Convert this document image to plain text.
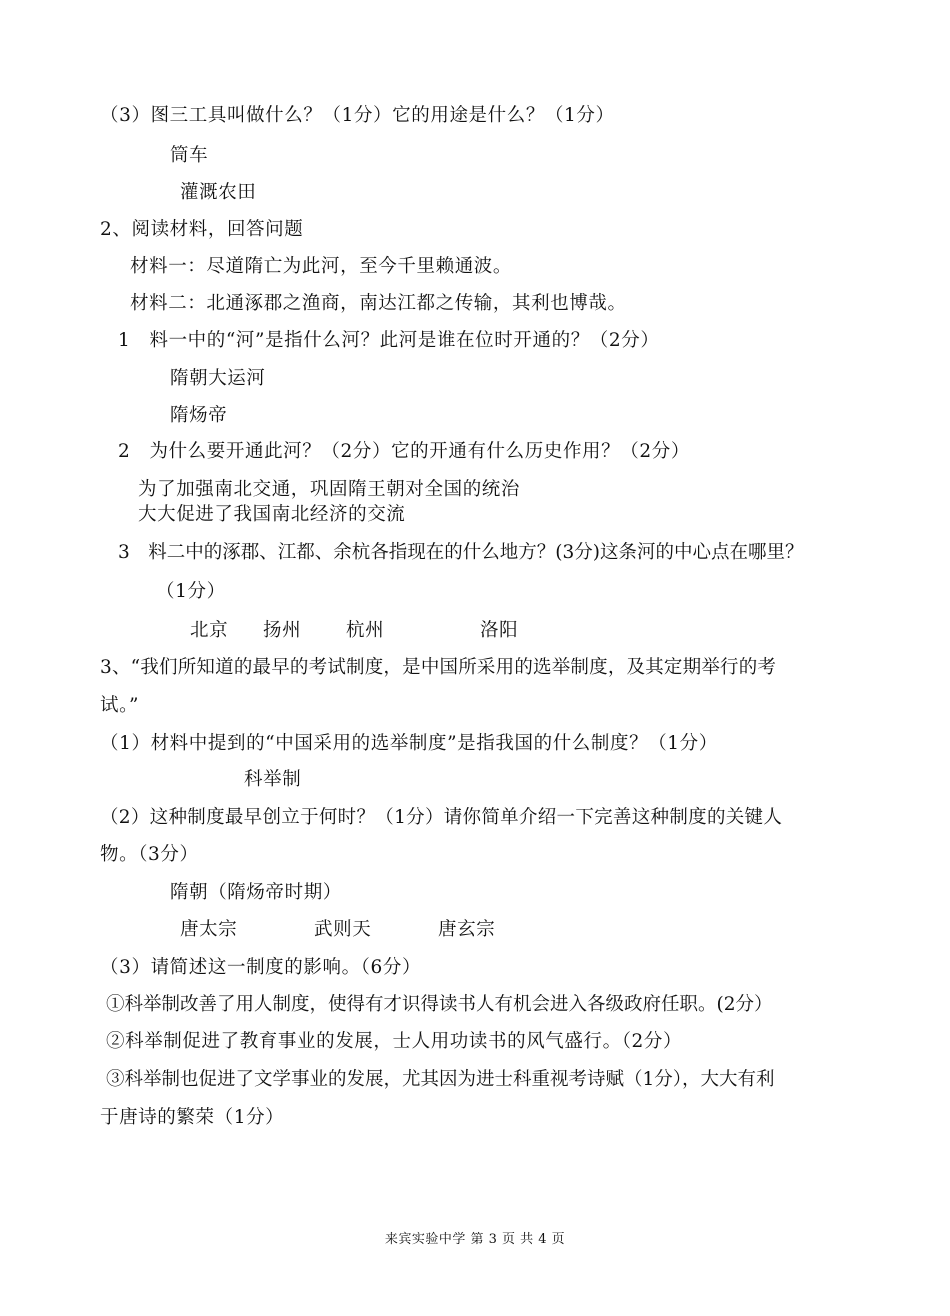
（3）图三工具叫做什么？（1分）它的用途是什么？（1分）
筒车
灌溉农田
2、阅读材料，回答问题
材料一：尽道隋亡为此河，至今千里赖通波。
材料二：北通涿郡之渔商，南达江都之传输，其利也博哉。
1　料一中的“河”是指什么河？此河是谁在位时开通的？（2分）
隋朝大运河
隋炀帝
2　为什么要开通此河？（2分）它的开通有什么历史作用？（2分）
为了加强南北交通，巩固隋王朝对全国的统治
大大促进了我国南北经济的交流
3　料二中的涿郡、江都、余杭各指现在的什么地方？(3分)这条河的中心点在哪里？
（1分）
北京 扬州 杭州	洛阳
3、“我们所知道的最早的考试制度，是中国所采用的选举制度，及其定期举行的考
试。”
（1）材料中提到的“中国采用的选举制度”是指我国的什么制度？（1分）
科举制
（2）这种制度最早创立于何时？（1分）请你简单介绍一下完善这种制度的关键人
物。（3分）
隋朝（隋炀帝时期）
唐太宗	武则天	唐玄宗
（3）请简述这一制度的影响。（6分）
①科举制改善了用人制度，使得有才识得读书人有机会进入各级政府任职。(2分）
②科举制促进了教育事业的发展，士人用功读书的风气盛行。（2分）
③科举制也促进了文学事业的发展，尤其因为进士科重视考诗赋（1分），大大有利
于唐诗的繁荣（1分）
来宾实验中学 第 3 页 共 4 页
